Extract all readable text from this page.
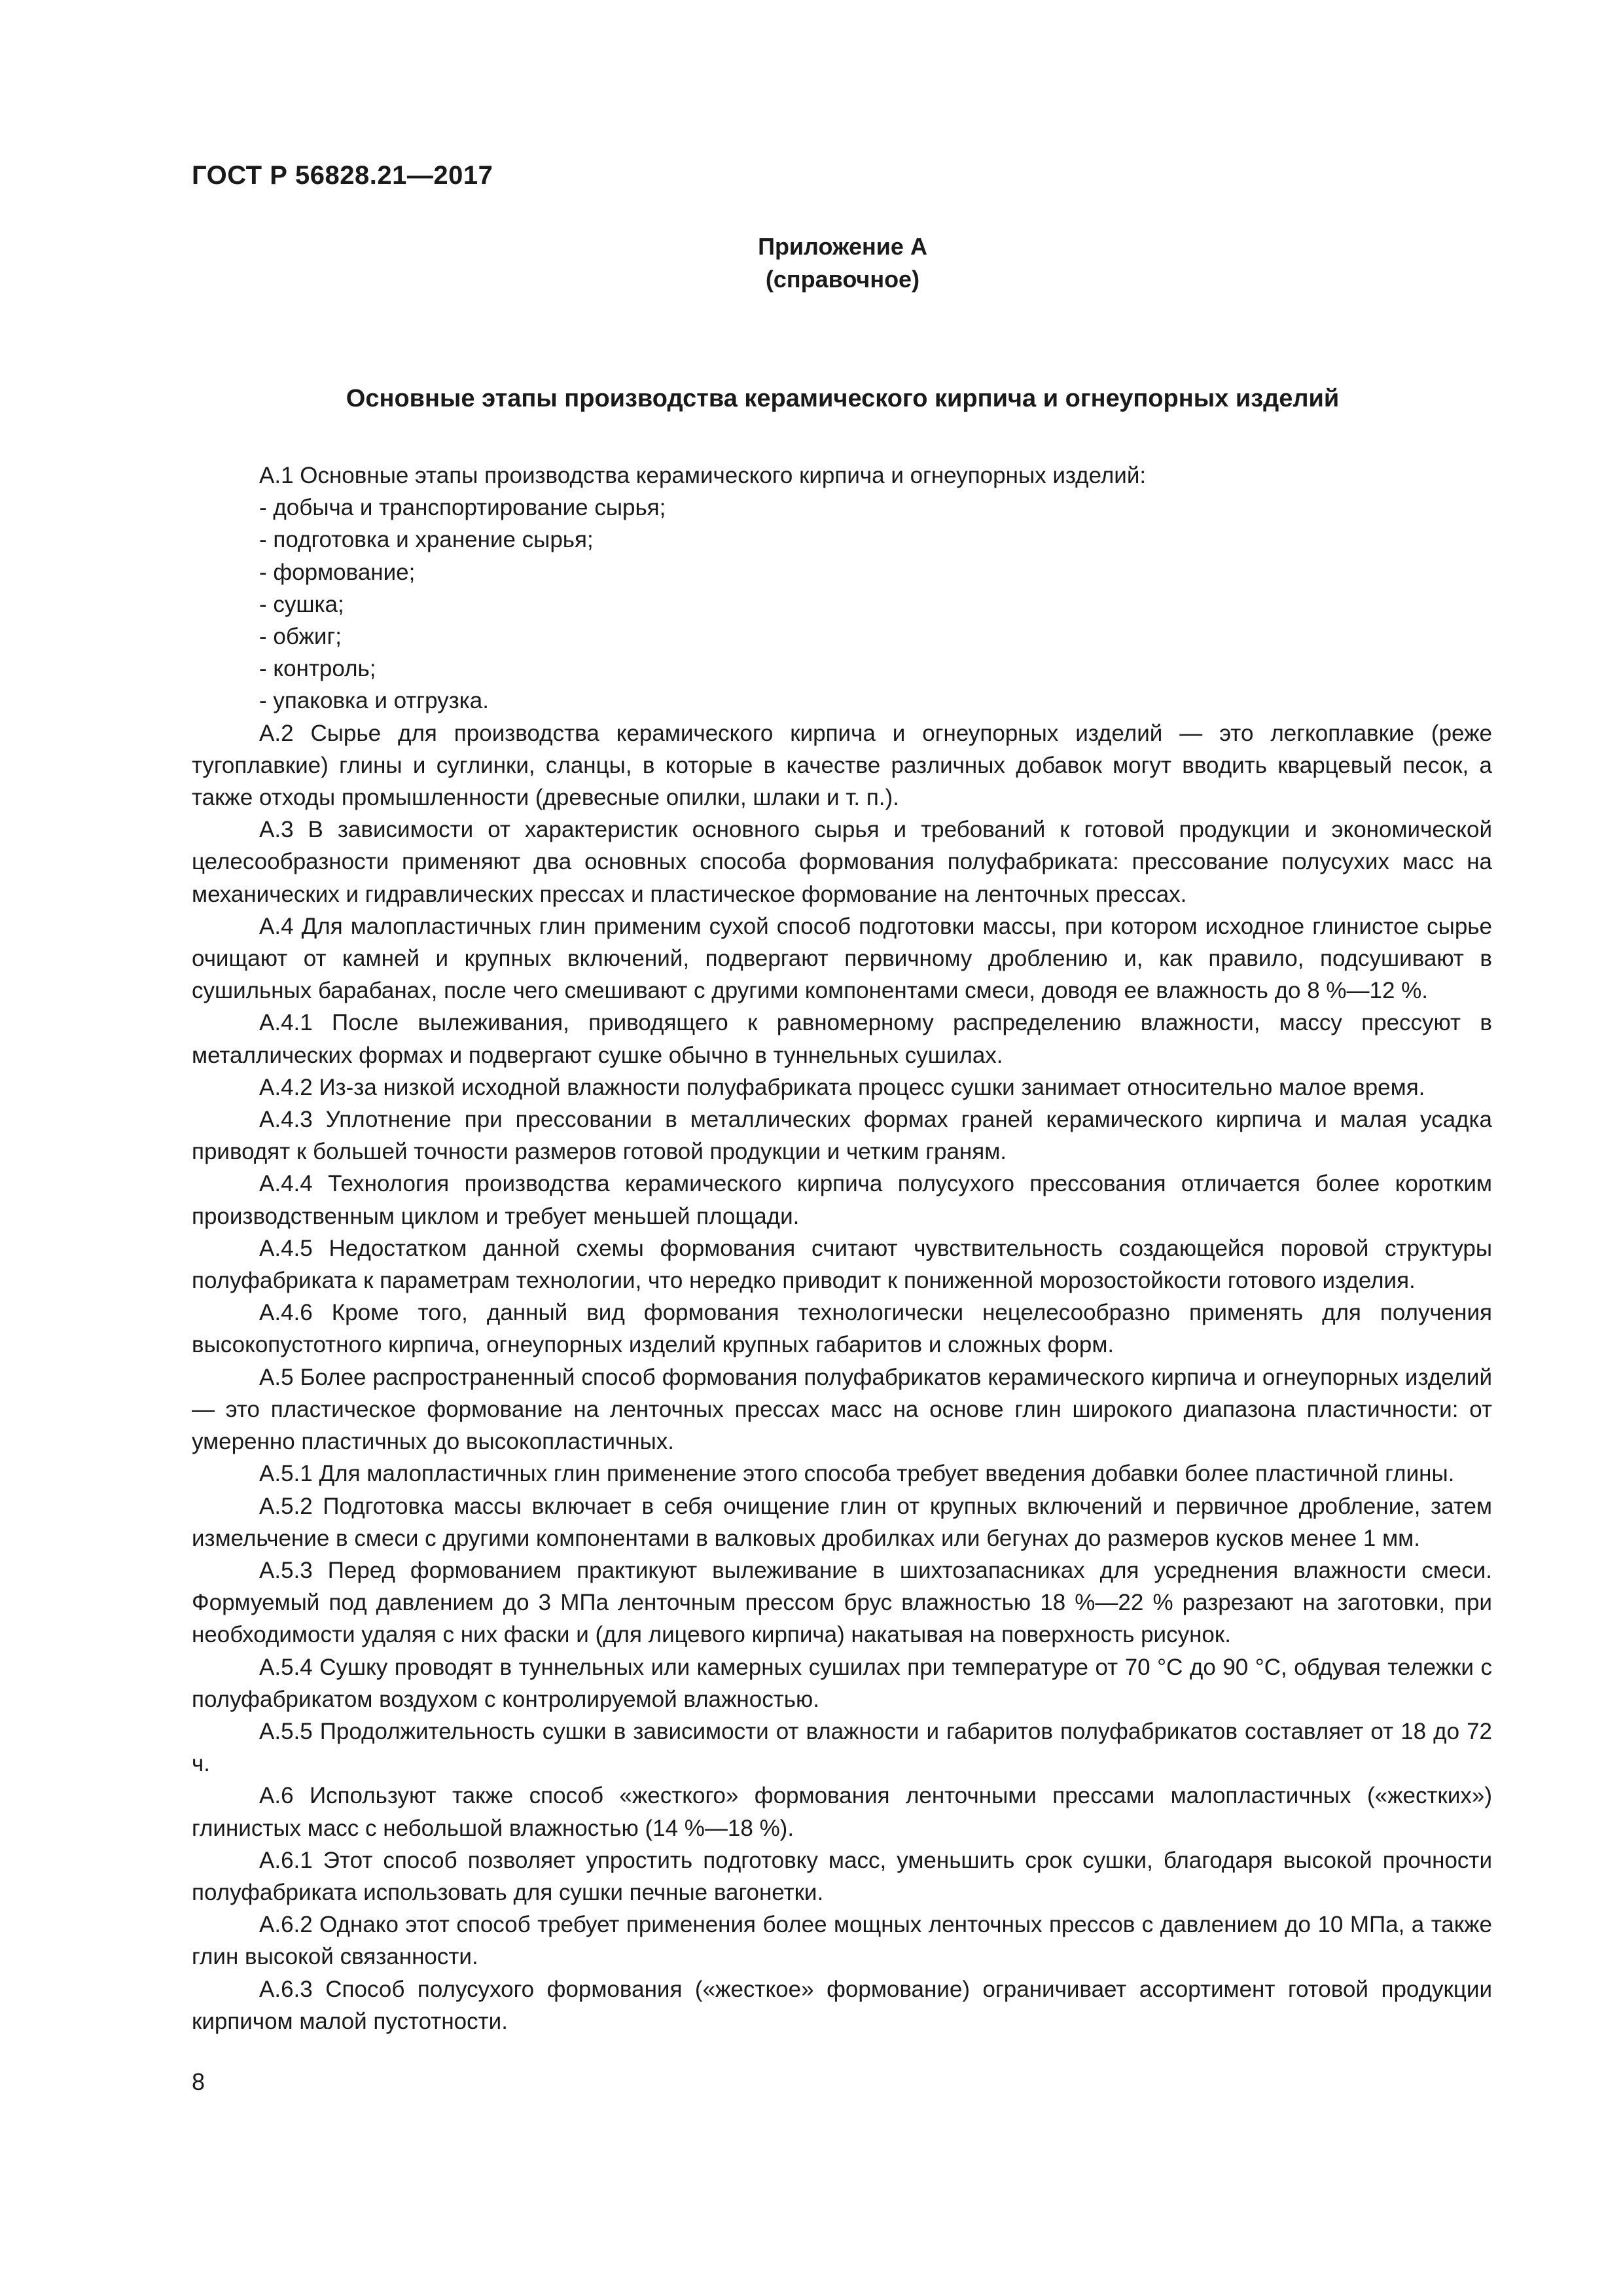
ГОСТ Р 56828.21—2017
Приложение А
(справочное)
Основные этапы производства керамического кирпича и огнеупорных изделий

А.1 Основные этапы производства керамического кирпича и огнеупорных изделий:

- добыча и транспортирование сырья;
- подготовка и хранение сырья;
- формование;
- сушка;
- обжиг;
- контроль;
- упаковка и отгрузка.

А.2 Сырье для производства керамического кирпича и огнеупорных изделий — это легкоплавкие (реже тугоплавкие) глины и суглинки, сланцы, в которые в качестве различных добавок могут вводить кварцевый песок, а также отходы промышленности (древесные опилки, шлаки и т. п.).

А.3 В зависимости от характеристик основного сырья и требований к готовой продукции и экономической целесообразности применяют два основных способа формования полуфабриката: прессование полусухих масс на механических и гидравлических прессах и пластическое формование на ленточных прессах.

А.4 Для малопластичных глин применим сухой способ подготовки массы, при котором исходное глинистое сырье очищают от камней и крупных включений, подвергают первичному дроблению и, как правило, подсушивают в сушильных барабанах, после чего смешивают с другими компонентами смеси, доводя ее влажность до 8 %—12 %.

А.4.1 После вылеживания, приводящего к равномерному распределению влажности, массу прессуют в металлических формах и подвергают сушке обычно в туннельных сушилах.

А.4.2 Из-за низкой исходной влажности полуфабриката процесс сушки занимает относительно малое время.

А.4.3 Уплотнение при прессовании в металлических формах граней керамического кирпича и малая усадка приводят к большей точности размеров готовой продукции и четким граням.

А.4.4 Технология производства керамического кирпича полусухого прессования отличается более коротким производственным циклом и требует меньшей площади.

А.4.5 Недостатком данной схемы формования считают чувствительность создающейся поровой структуры полуфабриката к параметрам технологии, что нередко приводит к пониженной морозостойкости готового изделия.

А.4.6 Кроме того, данный вид формования технологически нецелесообразно применять для получения высокопустотного кирпича, огнеупорных изделий крупных габаритов и сложных форм.

А.5 Более распространенный способ формования полуфабрикатов керамического кирпича и огнеупорных изделий — это пластическое формование на ленточных прессах масс на основе глин широкого диапазона пластичности: от умеренно пластичных до высокопластичных.

А.5.1 Для малопластичных глин применение этого способа требует введения добавки более пластичной глины.

А.5.2 Подготовка массы включает в себя очищение глин от крупных включений и первичное дробление, затем измельчение в смеси с другими компонентами в валковых дробилках или бегунах до размеров кусков менее 1 мм.

А.5.3 Перед формованием практикуют вылеживание в шихтозапасниках для усреднения влажности смеси. Формуемый под давлением до 3 МПа ленточным прессом брус влажностью 18 %—22 % разрезают на заготовки, при необходимости удаляя с них фаски и (для лицевого кирпича) накатывая на поверхность рисунок.

А.5.4 Сушку проводят в туннельных или камерных сушилах при температуре от 70 °С до 90 °С, обдувая тележки с полуфабрикатом воздухом с контролируемой влажностью.

А.5.5 Продолжительность сушки в зависимости от влажности и габаритов полуфабрикатов составляет от 18 до 72 ч.

А.6 Используют также способ «жесткого» формования ленточными прессами малопластичных («жестких») глинистых масс с небольшой влажностью (14 %—18 %).

А.6.1 Этот способ позволяет упростить подготовку масс, уменьшить срок сушки, благодаря высокой прочности полуфабриката использовать для сушки печные вагонетки.

А.6.2 Однако этот способ требует применения более мощных ленточных прессов с давлением до 10 МПа, а также глин высокой связанности.

А.6.3 Способ полусухого формования («жесткое» формование) ограничивает ассортимент готовой продукции кирпичом малой пустотности.

8
